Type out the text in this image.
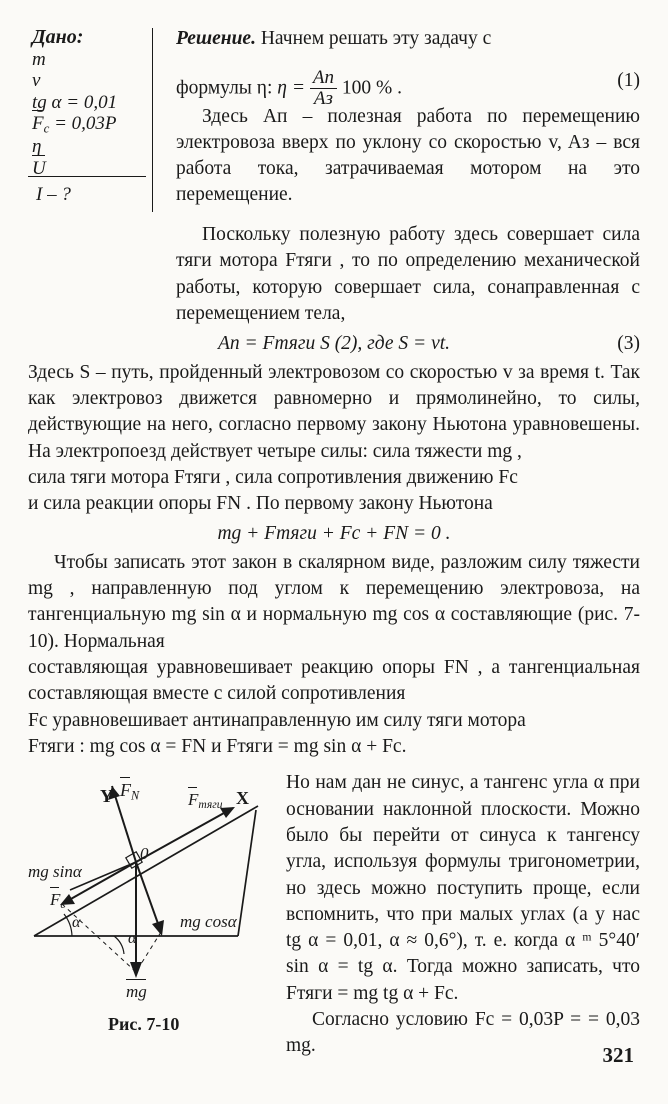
Дано:
m
v
tg α = 0,01
$F_c = 0,03P$
η
U
I – ?

Решение. Начнем решать эту задачу с

формулы η: $\eta = \frac{Aп}{Aз} 100$ % .	(1)

Здесь Aп – полезная работа по перемещению электровоза вверх по уклону со скоростью v, Aз – вся работа тока, затрачиваемая мотором на это перемещение.

Поскольку полезную работу здесь совершает сила тяги мотора Fтяги , то по определению механической работы, которую совершает сила, сонаправленная с перемещением тела,

Aп = Fтяги S (2), где S = vt.	(3)

Здесь S – путь, пройденный электровозом со скоростью v за время t. Так как электровоз движется равномерно и прямолинейно, то силы, действующие на него, согласно первому закону Ньютона уравновешены. На электропоезд действует четыре силы: сила тяжести mg ,

сила тяги мотора Fтяги , сила сопротивления движению Fc

и сила реакции опоры FN . По первому закону Ньютона

mg + Fтяги + Fc + FN = 0 .

Чтобы записать этот закон в скалярном виде, разложим силу тяжести mg , направленную под углом к перемещению электровоза, на тангенциальную mg sin α и нормальную mg cos α составляющие (рис. 7-10). Нормальная

составляющая уравновешивает реакцию опоры FN , а тангенциальная составляющая вместе с силой сопротивления

Fc уравновешивает антинаправленную им силу тяги мотора

Fтяги : mg cos α = FN и Fтяги = mg sin α + Fc.

Y $F_N$	$F_{тяги}$ X
0
mg sinα
$F_c$
mg cosα
mg
α
α
Рис. 7-10

Но нам дан не синус, а тангенс угла α при основании наклонной плоскости. Можно было бы перейти от синуса к тангенсу угла, используя формулы тригонометрии, но здесь можно поступить проще, если вспомнить, что при малых углах (а у нас tg α = 0,01, α ≈ 0,6°), т. е. когда α ᵐ 5°40′ sin α = tg α. Тогда можно записать, что Fтяги = mg tg α + Fc.

Согласно условию Fc = 0,03P = = 0,03 mg.	321
